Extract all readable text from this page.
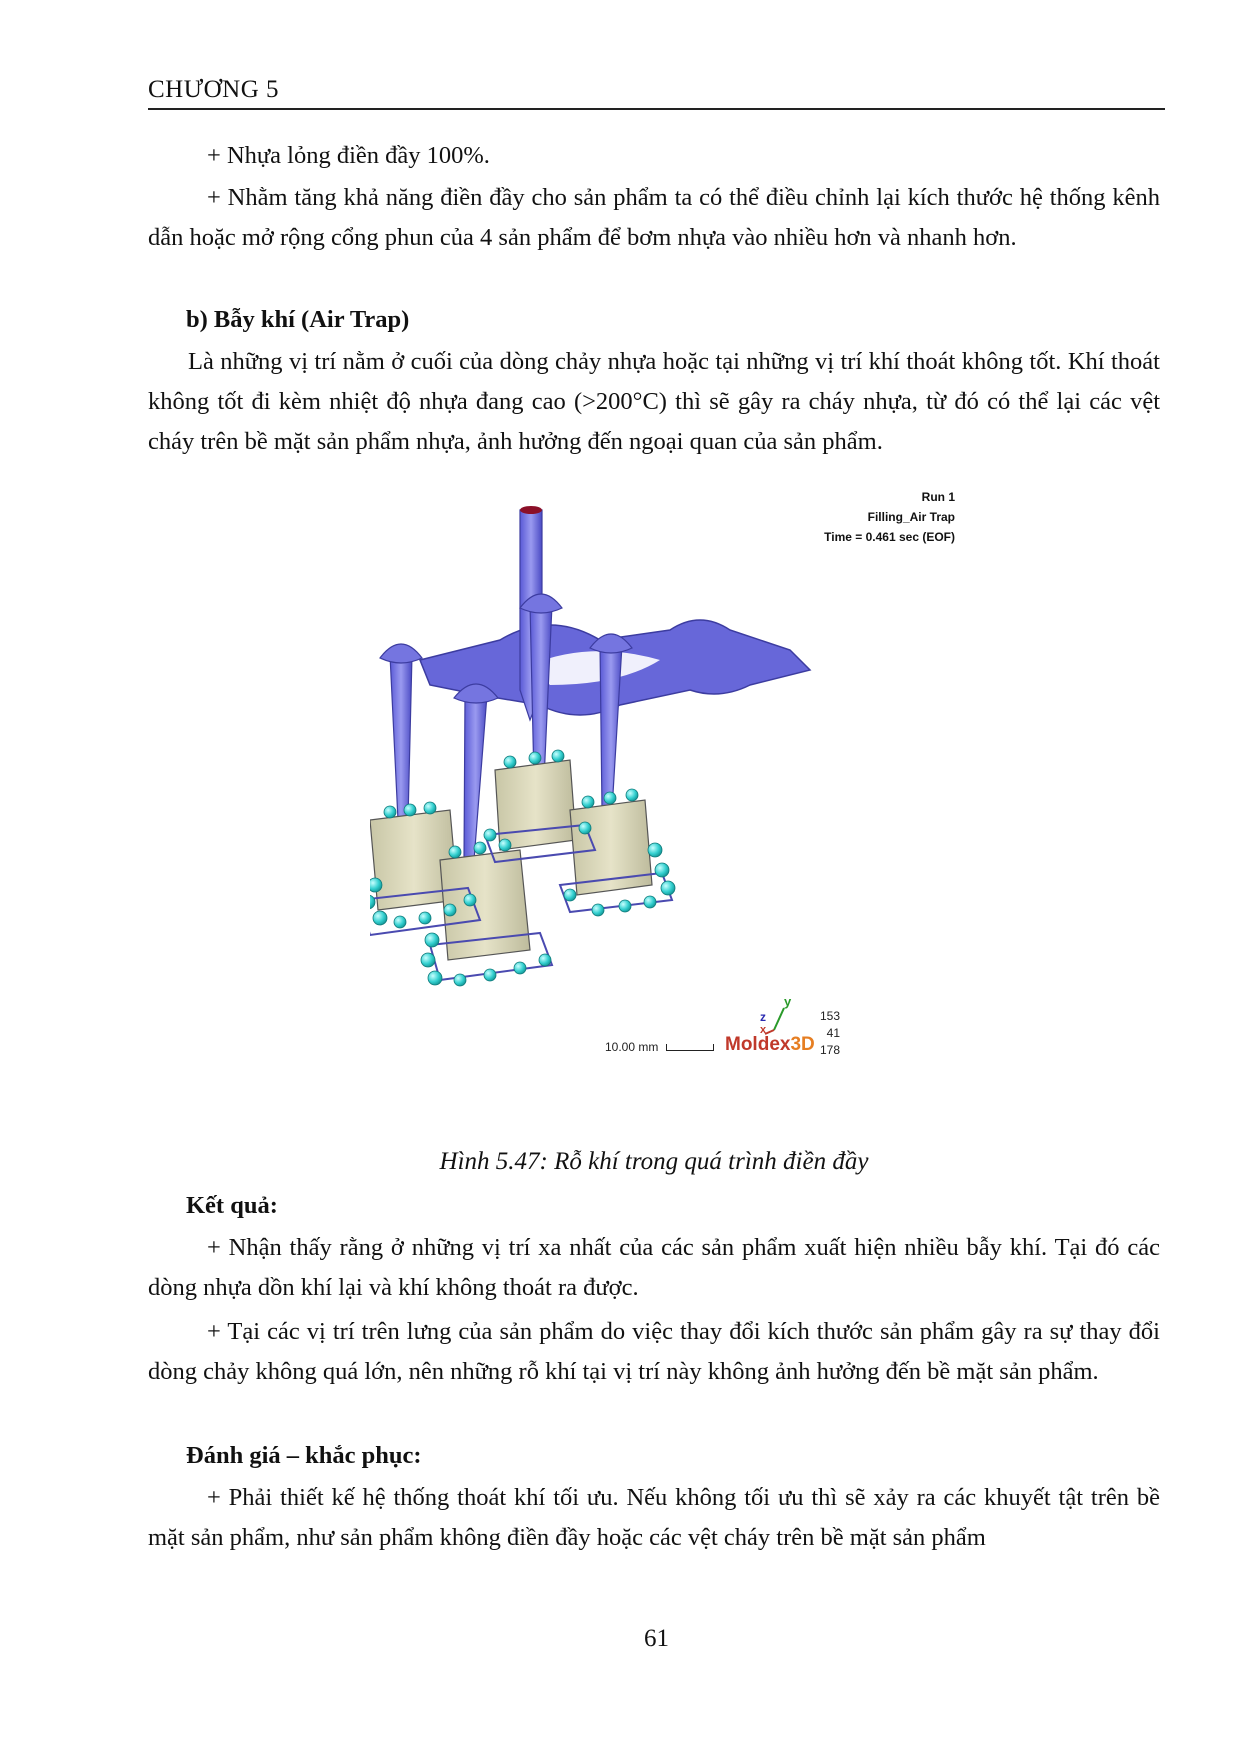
CHƯƠNG 5

+ Nhựa lỏng điền đầy 100%.

+ Nhằm tăng khả năng điền đầy cho sản phẩm ta có thể điều chỉnh lại kích thước hệ thống kênh dẫn hoặc mở rộng cổng phun của 4 sản phẩm để bơm nhựa vào nhiều hơn và nhanh hơn.

b) Bẫy khí (Air Trap)

Là những vị trí nằm ở cuối của dòng chảy nhựa hoặc tại những vị trí khí thoát không tốt. Khí thoát không tốt đi kèm nhiệt độ nhựa đang cao (>200°C) thì sẽ gây ra cháy nhựa, từ đó có thể lại các vệt cháy trên bề mặt sản phẩm nhựa, ảnh hưởng đến ngoại quan của sản phẩm.

Run 1
Filling_Air Trap
Time = 0.461 sec (EOF)
y
z
x
153
41
178
10.00 mm	Moldex3D
Hình 5.47: Rỗ khí trong quá trình điền đầy

Kết quả:

+ Nhận thấy rằng ở những vị trí xa nhất của các sản phẩm xuất hiện nhiều bẫy khí. Tại đó các dòng nhựa dồn khí lại và khí không thoát ra được.

+ Tại các vị trí trên lưng của sản phẩm do việc thay đổi kích thước sản phẩm gây ra sự thay đổi dòng chảy không quá lớn, nên những rỗ khí tại vị trí này không ảnh hưởng đến bề mặt sản phẩm.

Đánh giá – khắc phục:

+ Phải thiết kế hệ thống thoát khí tối ưu. Nếu không tối ưu thì sẽ xảy ra các khuyết tật trên bề mặt sản phẩm, như sản phẩm không điền đầy hoặc các vệt cháy trên bề mặt sản phẩm

61
